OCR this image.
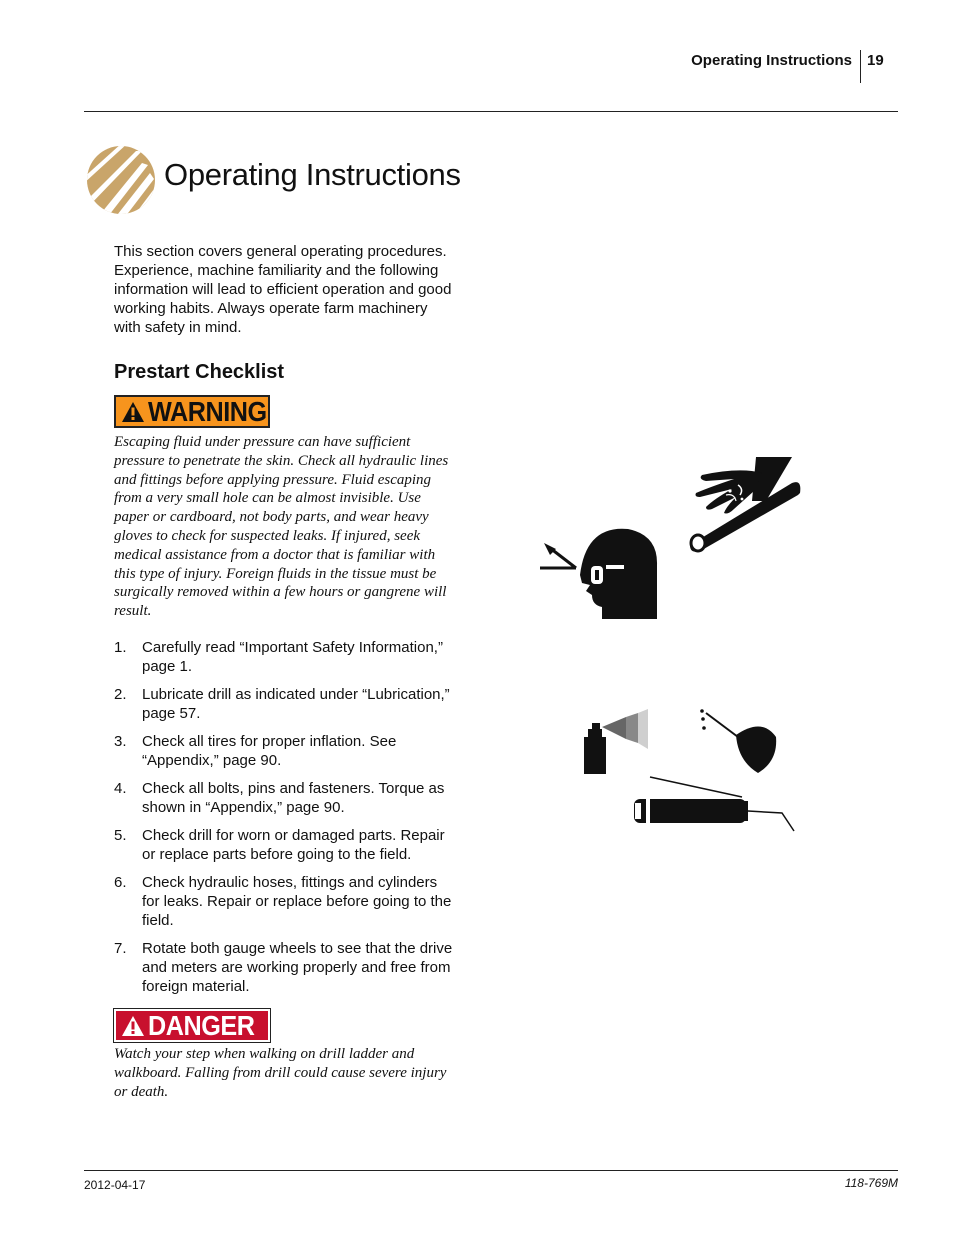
Operating Instructions 19
Operating Instructions
This section covers general operating procedures. Experience, machine familiarity and the following information will lead to efficient operation and good working habits. Always operate farm machinery with safety in mind.
Prestart Checklist
WARNING
Escaping fluid under pressure can have sufficient pressure to penetrate the skin. Check all hydraulic lines and fittings before applying pressure. Fluid escaping from a very small hole can be almost invisible. Use paper or cardboard, not body parts, and wear heavy gloves to check for suspected leaks. If injured, seek medical assistance from a doctor that is familiar with this type of injury. Foreign fluids in the tissue must be surgically removed within a few hours or gangrene will result.
1. Carefully read “Important Safety Information,” page 1.
2. Lubricate drill as indicated under “Lubrication,” page 57.
3. Check all tires for proper inflation. See “Appendix,” page 90.
4. Check all bolts, pins and fasteners. Torque as shown in “Appendix,” page 90.
5. Check drill for worn or damaged parts. Repair or replace parts before going to the field.
6. Check hydraulic hoses, fittings and cylinders for leaks. Repair or replace before going to the field.
7. Rotate both gauge wheels to see that the drive and meters are working properly and free from foreign material.
DANGER
Watch your step when walking on drill ladder and walkboard. Falling from drill could cause severe injury or death.
2012-04-17	118-769M
